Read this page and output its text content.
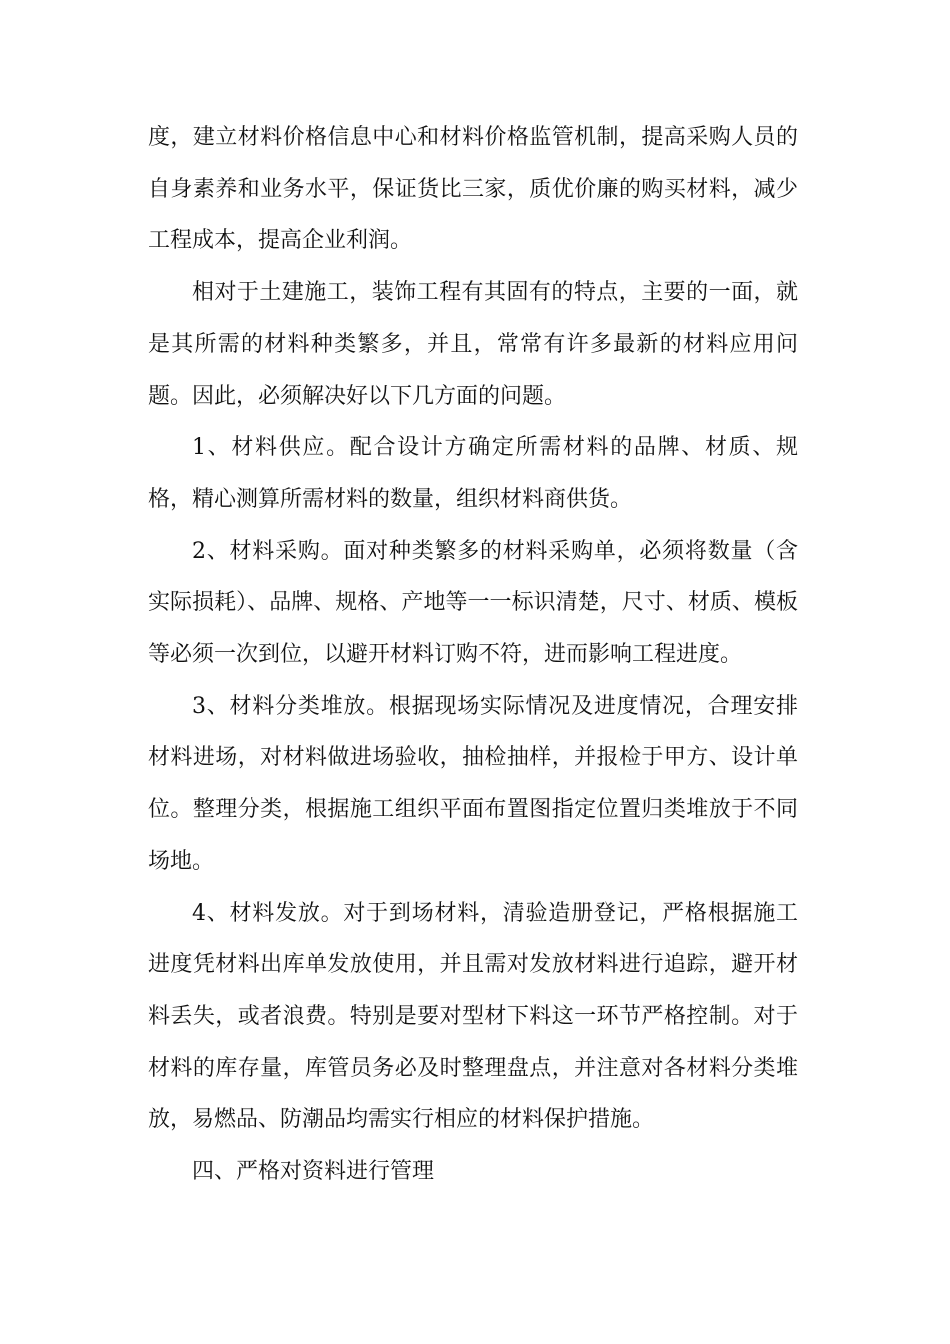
度，建立材料价格信息中心和材料价格监管机制，提高采购人员的自身素养和业务水平，保证货比三家，质优价廉的购买材料，减少工程成本，提高企业利润。

相对于土建施工，装饰工程有其固有的特点，主要的一面，就是其所需的材料种类繁多，并且，常常有许多最新的材料应用问题。因此，必须解决好以下几方面的问题。

1、材料供应。配合设计方确定所需材料的品牌、材质、规格，精心测算所需材料的数量，组织材料商供货。

2、材料采购。面对种类繁多的材料采购单，必须将数量（含实际损耗）、品牌、规格、产地等一一标识清楚，尺寸、材质、模板等必须一次到位，以避开材料订购不符，进而影响工程进度。

3、材料分类堆放。根据现场实际情况及进度情况，合理安排材料进场，对材料做进场验收，抽检抽样，并报检于甲方、设计单位。整理分类，根据施工组织平面布置图指定位置归类堆放于不同场地。

4、材料发放。对于到场材料，清验造册登记，严格根据施工进度凭材料出库单发放使用，并且需对发放材料进行追踪，避开材料丢失，或者浪费。特别是要对型材下料这一环节严格控制。对于材料的库存量，库管员务必及时整理盘点，并注意对各材料分类堆放，易燃品、防潮品均需实行相应的材料保护措施。

四、严格对资料进行管理
